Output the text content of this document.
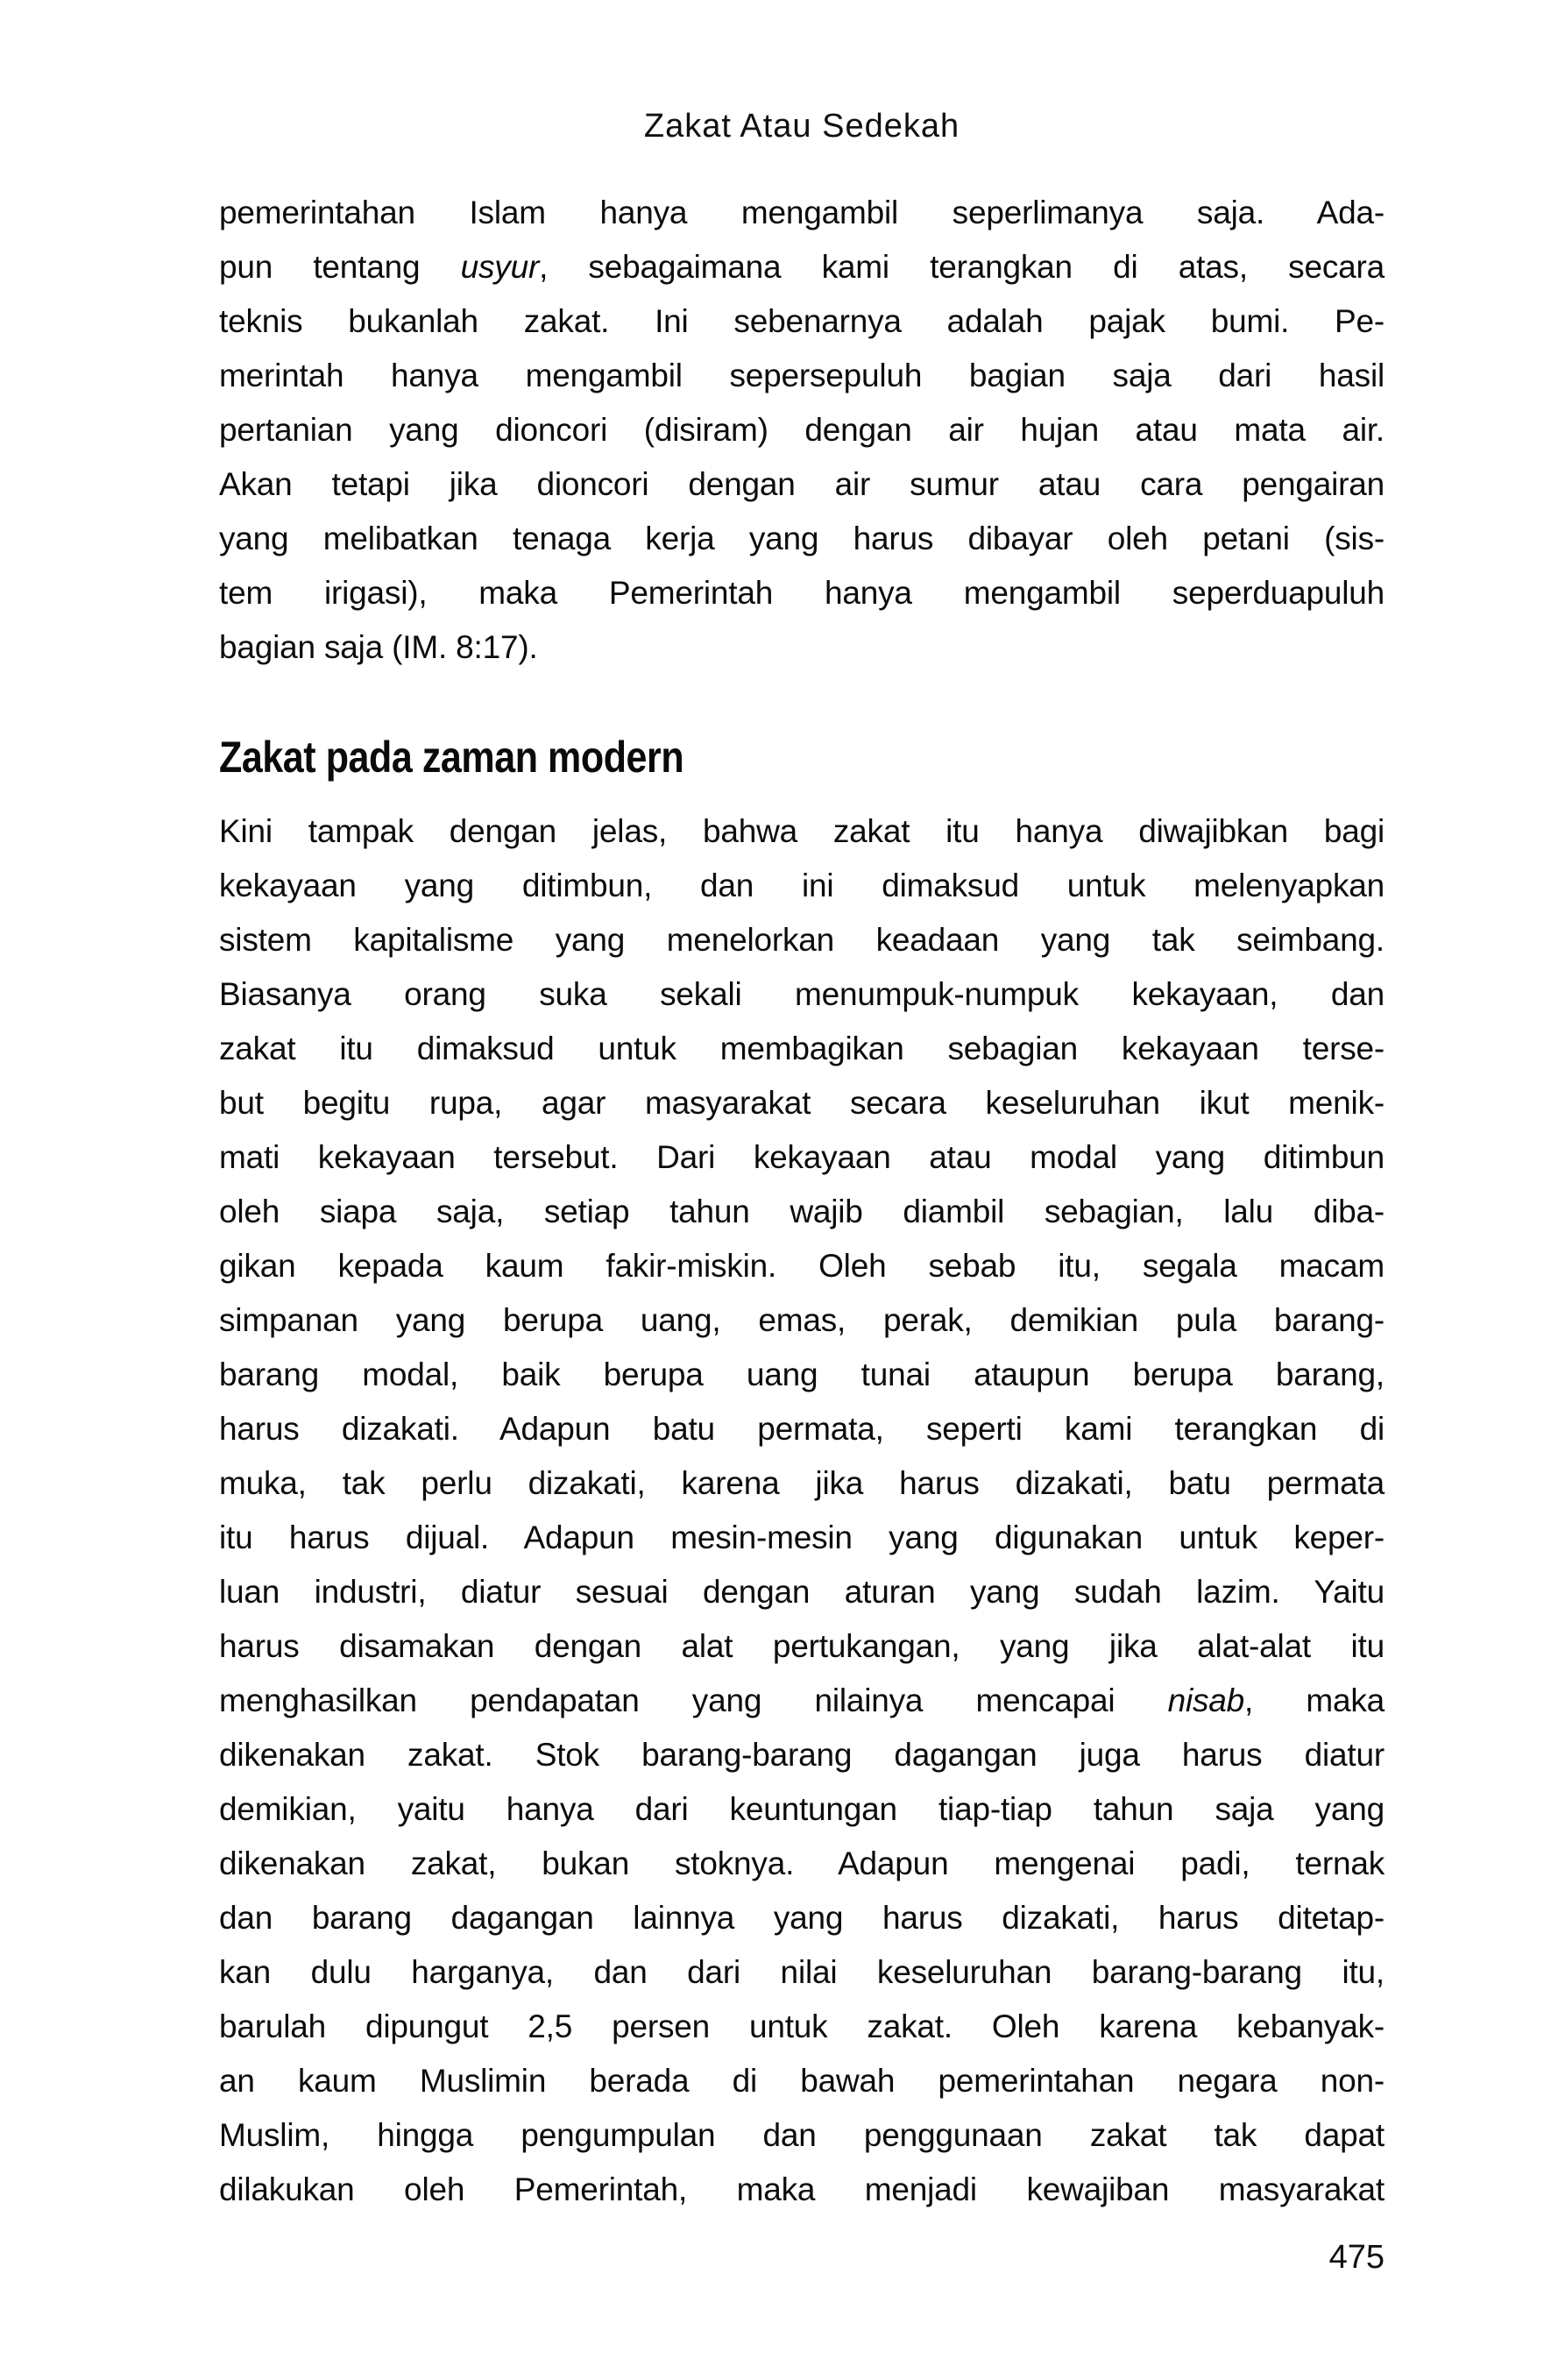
Zakat Atau Sedekah
pemerintahan Islam hanya mengambil seperlimanya saja. Ada-
pun tentang usyur, sebagaimana kami terangkan di atas, secara
teknis bukanlah zakat. Ini sebenarnya adalah pajak bumi. Pe-
merintah hanya mengambil sepersepuluh bagian saja dari hasil
pertanian yang dioncori (disiram) dengan air hujan atau mata air.
Akan tetapi jika dioncori dengan air sumur atau cara pengairan
yang melibatkan tenaga kerja yang harus dibayar oleh petani (sis-
tem irigasi), maka Pemerintah hanya mengambil seperduapuluh
bagian saja (IM. 8:17).
Zakat pada zaman modern
Kini tampak dengan jelas, bahwa zakat itu hanya diwajibkan bagi
kekayaan yang ditimbun, dan ini dimaksud untuk melenyapkan
sistem kapitalisme yang menelorkan keadaan yang tak seimbang.
Biasanya orang suka sekali menumpuk-numpuk kekayaan, dan
zakat itu dimaksud untuk membagikan sebagian kekayaan terse-
but begitu rupa, agar masyarakat secara keseluruhan ikut menik-
mati kekayaan tersebut. Dari kekayaan atau modal yang ditimbun
oleh siapa saja, setiap tahun wajib diambil sebagian, lalu diba-
gikan kepada kaum fakir-miskin. Oleh sebab itu, segala macam
simpanan yang berupa uang, emas, perak, demikian pula barang-
barang modal, baik berupa uang tunai ataupun berupa barang,
harus dizakati. Adapun batu permata, seperti kami terangkan di
muka, tak perlu dizakati, karena jika harus dizakati, batu permata
itu harus dijual. Adapun mesin-mesin yang digunakan untuk keper-
luan industri, diatur sesuai dengan aturan yang sudah lazim. Yaitu
harus disamakan dengan alat pertukangan, yang jika alat-alat itu
menghasilkan pendapatan yang nilainya mencapai nisab, maka
dikenakan zakat. Stok barang-barang dagangan juga harus diatur
demikian, yaitu hanya dari keuntungan tiap-tiap tahun saja yang
dikenakan zakat, bukan stoknya. Adapun mengenai padi, ternak
dan barang dagangan lainnya yang harus dizakati, harus ditetap-
kan dulu harganya, dan dari nilai keseluruhan barang-barang itu,
barulah dipungut 2,5 persen untuk zakat. Oleh karena kebanyak-
an kaum Muslimin berada di bawah pemerintahan negara non-
Muslim, hingga pengumpulan dan penggunaan zakat tak dapat
dilakukan oleh Pemerintah, maka menjadi kewajiban masyarakat
475
